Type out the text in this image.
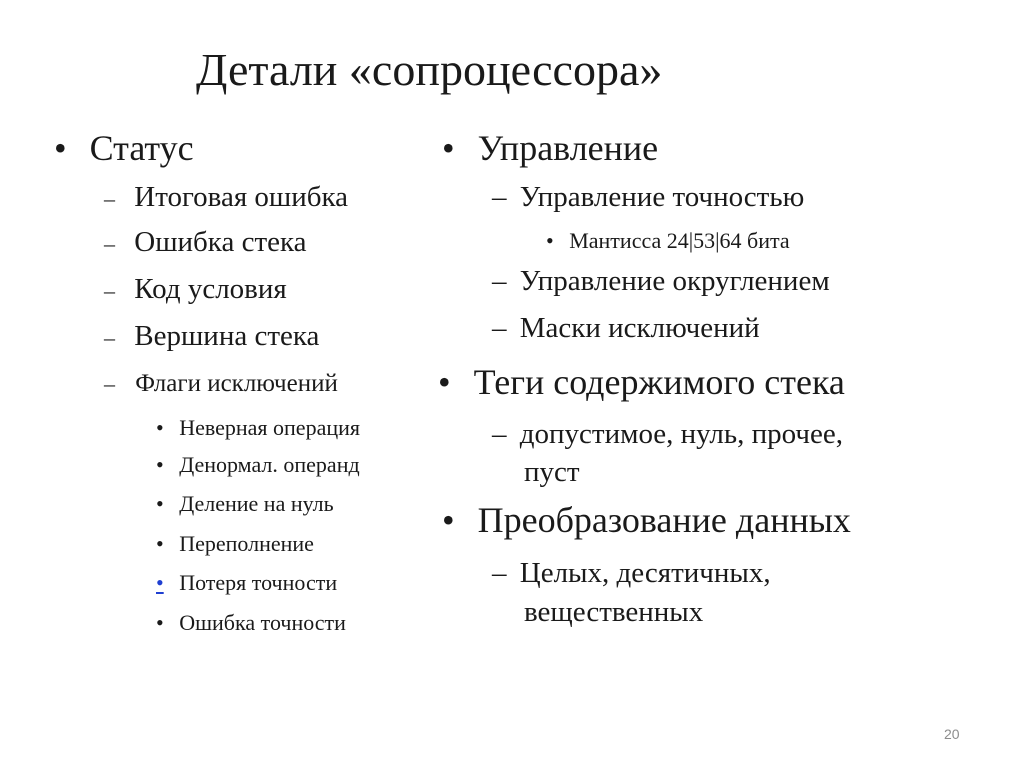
Детали «сопроцессора»
• Статус
– Итоговая ошибка
– Ошибка стека
– Код условия
– Вершина стека
– Флаги исключений
• Неверная операция
• Денормал. операнд
• Деление на нуль
• Переполнение
• Потеря точности
• Ошибка точности
• Управление
– Управление точностью
• Мантисса 24|53|64 бита
– Управление округлением
– Маски исключений
• Теги содержимого стека
– допустимое, нуль, прочее,
пуст
• Преобразование данных
– Целых, десятичных,
вещественных
20
